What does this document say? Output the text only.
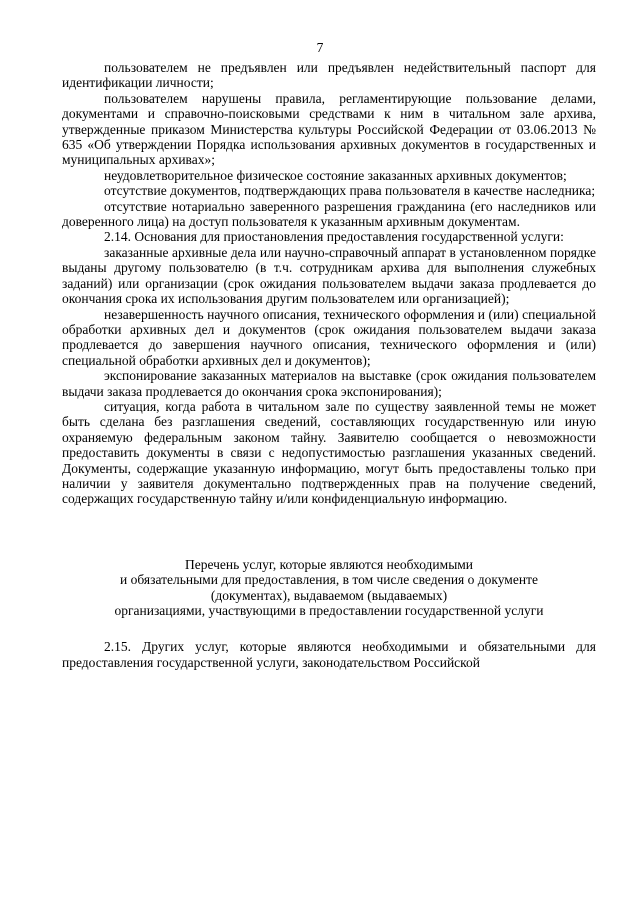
7

пользователем не предъявлен или предъявлен недействительный паспорт для идентификации личности;

пользователем нарушены правила, регламентирующие пользование делами, документами и справочно-поисковыми средствами к ним в читальном зале архива, утвержденные приказом Министерства культуры Российской Федерации от 03.06.2013 № 635 «Об утверждении Порядка использования архивных документов в государственных и муниципальных архивах»;

неудовлетворительное физическое состояние заказанных архивных документов;

отсутствие документов, подтверждающих права пользователя в качестве наследника;

отсутствие нотариально заверенного разрешения гражданина (его наследников или доверенного лица) на доступ пользователя к указанным архивным документам.

2.14. Основания для приостановления предоставления государственной услуги:

заказанные архивные дела или научно-справочный аппарат в установленном порядке выданы другому пользователю (в т.ч. сотрудникам архива для выполнения служебных заданий) или организации (срок ожидания пользователем выдачи заказа продлевается до окончания срока их использования другим пользователем или организацией);

незавершенность научного описания, технического оформления и (или) специальной обработки архивных дел и документов (срок ожидания пользователем выдачи заказа продлевается до завершения научного описания, технического оформления и (или) специальной обработки архивных дел и документов);

экспонирование заказанных материалов на выставке (срок ожидания пользователем выдачи заказа продлевается до окончания срока экспонирования);

ситуация, когда работа в читальном зале по существу заявленной темы не может быть сделана без разглашения сведений, составляющих государственную или иную охраняемую федеральным законом тайну. Заявителю сообщается о невозможности предоставить документы в связи с недопустимостью разглашения указанных сведений. Документы, содержащие указанную информацию, могут быть предоставлены только при наличии у заявителя документально подтвержденных прав на получение сведений, содержащих государственную тайну и/или конфиденциальную информацию.

Перечень услуг, которые являются необходимыми
и обязательными для предоставления, в том числе сведения о документе
(документах), выдаваемом (выдаваемых)
организациями, участвующими в предоставлении государственной услуги

2.15. Других услуг, которые являются необходимыми и обязательными для предоставления государственной услуги, законодательством Российской
